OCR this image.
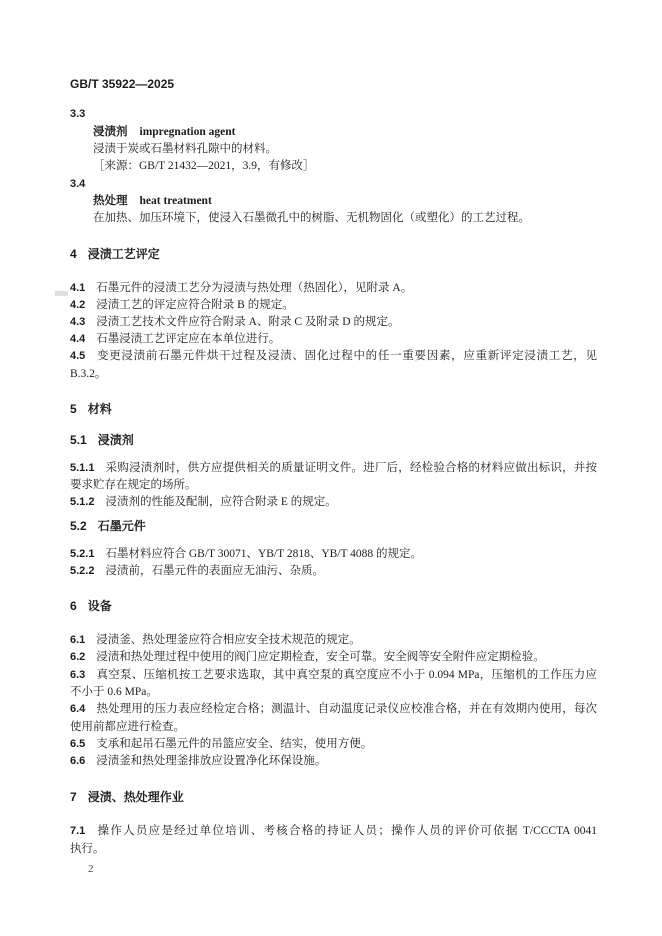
GB/T 35922—2025
3.3
浸渍剂 impregnation agent
浸渍于炭或石墨材料孔隙中的材料。
［来源：GB/T 21432—2021，3.9，有修改］
3.4
热处理 heat treatment
在加热、加压环境下，使浸入石墨微孔中的树脂、无机物固化（或塑化）的工艺过程。
4 浸渍工艺评定
4.1 石墨元件的浸渍工艺分为浸渍与热处理（热固化），见附录 A。
4.2 浸渍工艺的评定应符合附录 B 的规定。
4.3 浸渍工艺技术文件应符合附录 A、附录 C 及附录 D 的规定。
4.4 石墨浸渍工艺评定应在本单位进行。
4.5 变更浸渍前石墨元件烘干过程及浸渍、固化过程中的任一重要因素，应重新评定浸渍工艺，见
B.3.2。
5 材料
5.1 浸渍剂
5.1.1 采购浸渍剂时，供方应提供相关的质量证明文件。进厂后，经检验合格的材料应做出标识，并按
要求贮存在规定的场所。
5.1.2 浸渍剂的性能及配制，应符合附录 E 的规定。
5.2 石墨元件
5.2.1 石墨材料应符合 GB/T 30071、YB/T 2818、YB/T 4088 的规定。
5.2.2 浸渍前，石墨元件的表面应无油污、杂质。
6 设备
6.1 浸渍釜、热处理釜应符合相应安全技术规范的规定。
6.2 浸渍和热处理过程中使用的阀门应定期检查，安全可靠。安全阀等安全附件应定期检验。
6.3 真空泵、压缩机按工艺要求选取，其中真空泵的真空度应不小于 0.094 MPa，压缩机的工作压力应
不小于 0.6 MPa。
6.4 热处理用的压力表应经检定合格；测温计、自动温度记录仪应校准合格，并在有效期内使用，每次
使用前都应进行检查。
6.5 支承和起吊石墨元件的吊篮应安全、结实，使用方便。
6.6 浸渍釜和热处理釜排放应设置净化环保设施。
7 浸渍、热处理作业
7.1 操作人员应是经过单位培训、考核合格的持证人员；操作人员的评价可依据 T/CCCTA 0041
执行。
2
